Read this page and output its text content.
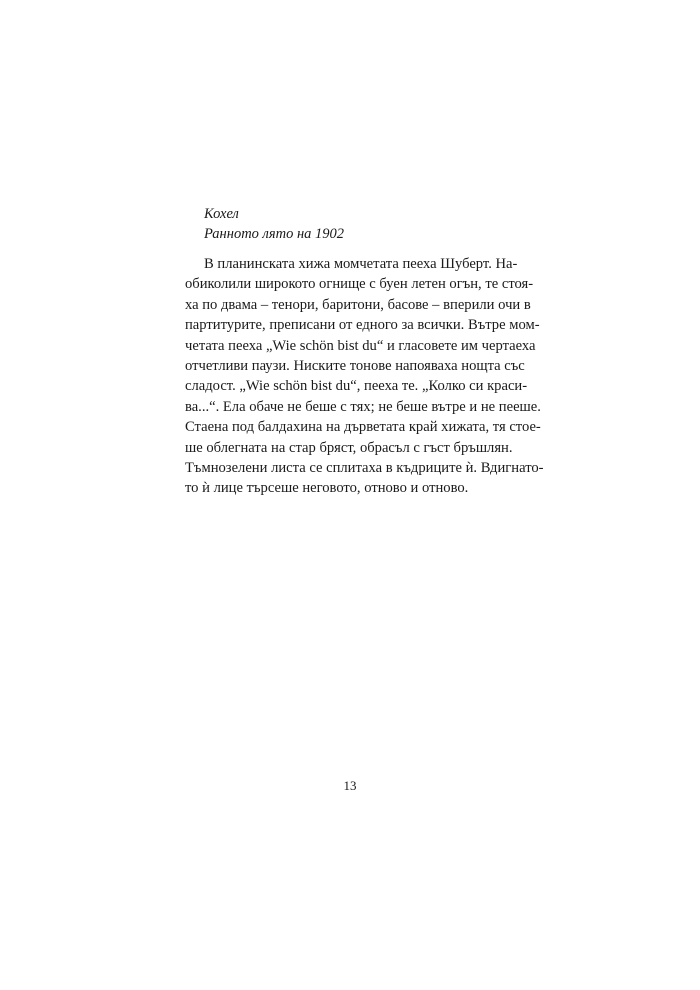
Кохел
Ранното лято на 1902
В планинската хижа момчетата пееха Шуберт. На-
обиколили широкото огнище с буен летен огън, те стоя-
ха по двама – тенори, баритони, басове – вперили очи в
партитурите, преписани от едного за всички. Вътре мом-
четата пееха „Wie schön bist du“ и гласовете им чертаеха
отчетливи паузи. Ниските тонове напояваха нощта със
сладост. „Wie schön bist du“, пееха те. „Колко си краси-
ва...“. Ела обаче не беше с тях; не беше вътре и не пееше.
Стаена под балдахина на дърветата край хижата, тя стое-
ше облегната на стар бряст, обрасъл с гъст бръшлян.
Тъмнозелени листа се сплитаха в къдриците ѝ. Вдигнато-
то ѝ лице търсеше неговото, отново и отново.
13
